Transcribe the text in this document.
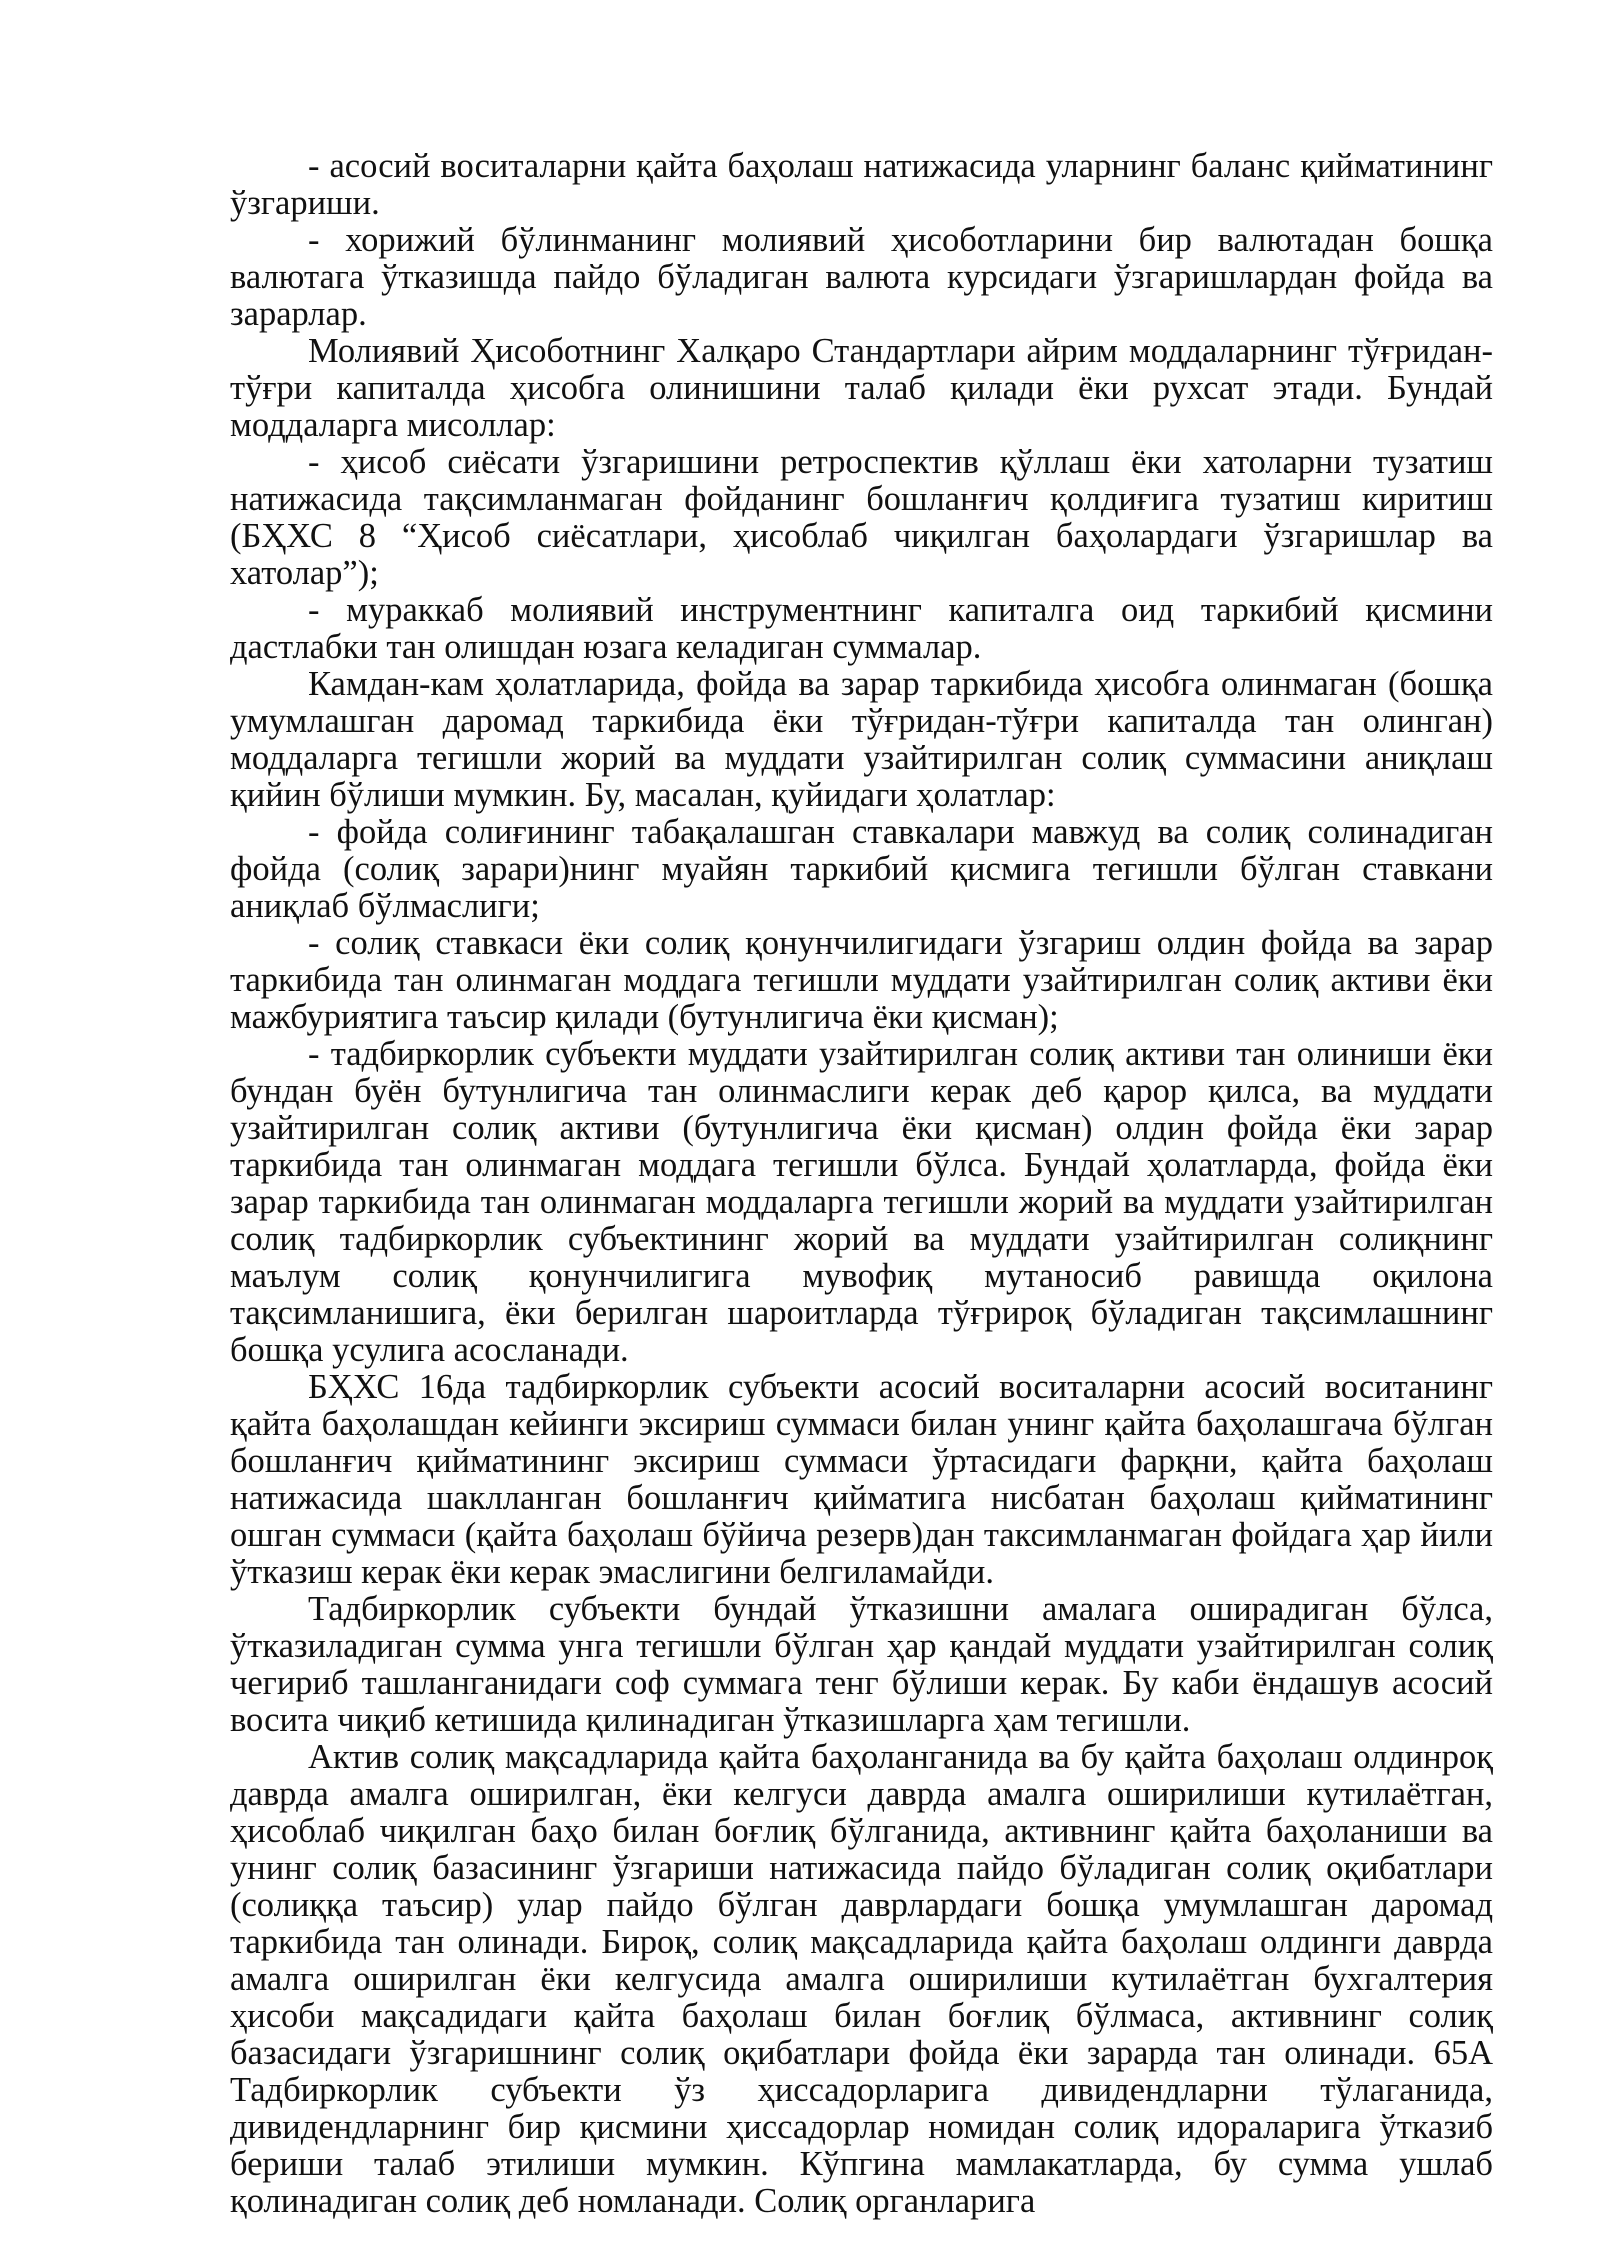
- асосий воситаларни қайта баҳолаш натижасида уларнинг баланс қийматининг ўзгариши.

- хорижий бўлинманинг молиявий ҳисоботларини бир валютадан бошқа валютага ўтказишда пайдо бўладиган валюта курсидаги ўзгаришлардан фойда ва зарарлар.

Молиявий Ҳисоботнинг Халқаро Стандартлари айрим моддаларнинг тўғридан-тўғри капиталда ҳисобга олинишини талаб қилади ёки рухсат этади. Бундай моддаларга мисоллар:

- ҳисоб сиёсати ўзгаришини ретроспектив қўллаш ёки хатоларни тузатиш натижасида тақсимланмаган фойданинг бошланғич қолдиғига тузатиш киритиш (БҲХС 8 “Ҳисоб сиёсатлари, ҳисоблаб чиқилган баҳолардаги ўзгаришлар ва хатолар”);

- мураккаб молиявий инструментнинг капиталга оид таркибий қисмини дастлабки тан олишдан юзага келадиган суммалар.

Камдан-кам ҳолатларида, фойда ва зарар таркибида ҳисобга олинмаган (бошқа умумлашган даромад таркибида ёки тўғридан-тўғри капиталда тан олинган) моддаларга тегишли жорий ва муддати узайтирилган солиқ суммасини аниқлаш қийин бўлиши мумкин. Бу, масалан, қуйидаги ҳолатлар:

- фойда солиғининг табақалашган ставкалари мавжуд ва солиқ солинадиган фойда (солиқ зарари)нинг муайян таркибий қисмига тегишли бўлган ставкани аниқлаб бўлмаслиги;

- солиқ ставкаси ёки солиқ қонунчилигидаги ўзгариш олдин фойда ва зарар таркибида тан олинмаган моддага тегишли муддати узайтирилган солиқ активи ёки мажбуриятига таъсир қилади (бутунлигича ёки қисман);

- тадбиркорлик субъекти муддати узайтирилган солиқ активи тан олиниши ёки бундан буён бутунлигича тан олинмаслиги керак деб қарор қилса, ва муддати узайтирилган солиқ активи (бутунлигича ёки қисман) олдин фойда ёки зарар таркибида тан олинмаган моддага тегишли бўлса. Бундай ҳолатларда, фойда ёки зарар таркибида тан олинмаган моддаларга тегишли жорий ва муддати узайтирилган солиқ тадбиркорлик субъектининг жорий ва муддати узайтирилган солиқнинг маълум солиқ қонунчилигига мувофиқ мутаносиб равишда оқилона тақсимланишига, ёки берилган шароитларда тўғрироқ бўладиган тақсимлашнинг бошқа усулига асосланади.

БҲХС 16да тадбиркорлик субъекти асосий воситаларни асосий воситанинг қайта баҳолашдан кейинги эксириш суммаси билан унинг қайта баҳолашгача бўлган бошланғич қийматининг эксириш суммаси ўртасидаги фарқни, қайта баҳолаш натижасида шаклланган бошланғич қийматига нисбатан баҳолаш қийматининг ошган суммаси (қайта баҳолаш бўйича резерв)дан таксимланмаган фойдага ҳар йили ўтказиш керак ёки керак эмаслигини белгиламайди.

Тадбиркорлик субъекти бундай ўтказишни амалага оширадиган бўлса, ўтказиладиган сумма унга тегишли бўлган ҳар қандай муддати узайтирилган солиқ чегириб ташланганидаги соф суммага тенг бўлиши керак. Бу каби ёндашув асосий восита чиқиб кетишида қилинадиган ўтказишларга ҳам тегишли.

Актив солиқ мақсадларида қайта баҳоланганида ва бу қайта баҳолаш олдинроқ даврда амалга оширилган, ёки келгуси даврда амалга оширилиши кутилаётган, ҳисоблаб чиқилган баҳо билан боғлиқ бўлганида, активнинг қайта баҳоланиши ва унинг солиқ базасининг ўзгариши натижасида пайдо бўладиган солиқ оқибатлари (солиққа таъсир) улар пайдо бўлган даврлардаги бошқа умумлашган даромад таркибида тан олинади. Бироқ, солиқ мақсадларида қайта баҳолаш олдинги даврда амалга оширилган ёки келгусида амалга оширилиши кутилаётган бухгалтерия ҳисоби мақсадидаги қайта баҳолаш билан боғлиқ бўлмаса, активнинг солиқ базасидаги ўзгаришнинг солиқ оқибатлари фойда ёки зарарда тан олинади. 65А Тадбиркорлик субъекти ўз ҳиссадорларига дивидендларни тўлаганида, дивидендларнинг бир қисмини ҳиссадорлар номидан солиқ идораларига ўтказиб бериши талаб этилиши мумкин. Кўпгина мамлакатларда, бу сумма ушлаб қолинадиган солиқ деб номланади. Солиқ органларига
